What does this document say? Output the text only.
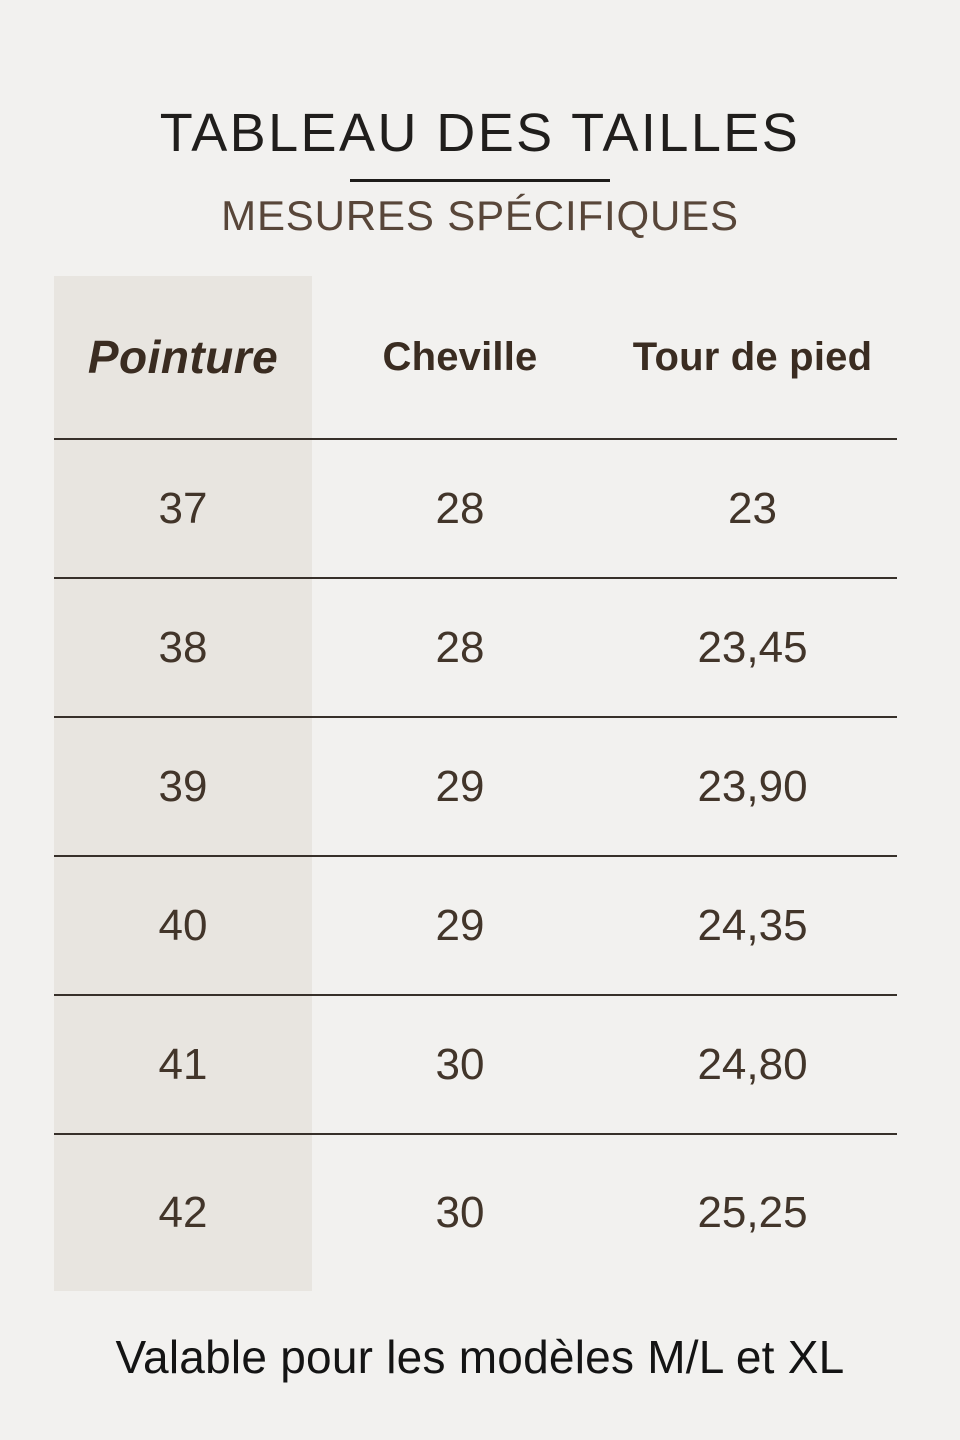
TABLEAU DES TAILLES
MESURES SPÉCIFIQUES
Pointure	Cheville	Tour de pied
37	28	23
38	28	23,45
39	29	23,90
40	29	24,35
41	30	24,80
42	30	25,25

Valable pour les modèles M/L et XL
